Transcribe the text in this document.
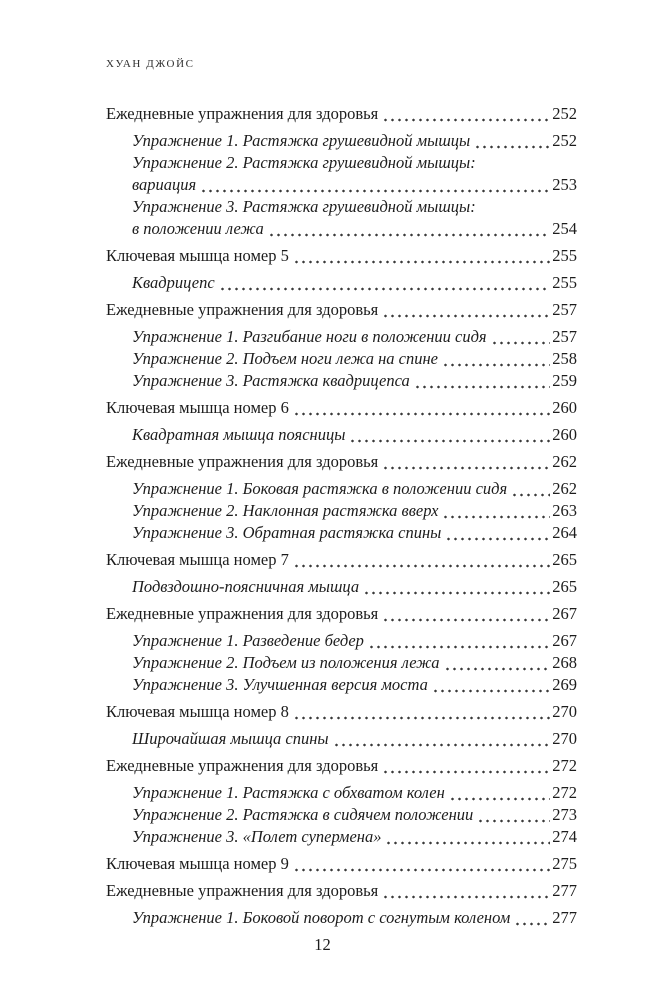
ХУАН ДЖОЙС
Ежедневные упражнения для здоровья	252
Упражнение 1. Растяжка грушевидной мышцы	252
Упражнение 2. Растяжка грушевидной мышцы:
вариация	253
Упражнение 3. Растяжка грушевидной мышцы:
в положении лежа	254
Ключевая мышца номер 5	255
Квадрицепс	255
Ежедневные упражнения для здоровья	257
Упражнение 1. Разгибание ноги в положении сидя	257
Упражнение 2. Подъем ноги лежа на спине	258
Упражнение 3. Растяжка квадрицепса	259
Ключевая мышца номер 6	260
Квадратная мышца поясницы	260
Ежедневные упражнения для здоровья	262
Упражнение 1. Боковая растяжка в положении сидя	262
Упражнение 2. Наклонная растяжка вверх	263
Упражнение 3. Обратная растяжка спины	264
Ключевая мышца номер 7	265
Подвздошно-поясничная мышца	265
Ежедневные упражнения для здоровья	267
Упражнение 1. Разведение бедер	267
Упражнение 2. Подъем из положения лежа	268
Упражнение 3. Улучшенная версия моста	269
Ключевая мышца номер 8	270
Широчайшая мышца спины	270
Ежедневные упражнения для здоровья	272
Упражнение 1. Растяжка с обхватом колен	272
Упражнение 2. Растяжка в сидячем положении	273
Упражнение 3. «Полет супермена»	274
Ключевая мышца номер 9	275
Ежедневные упражнения для здоровья	277
Упражнение 1. Боковой поворот с согнутым коленом	277
12
